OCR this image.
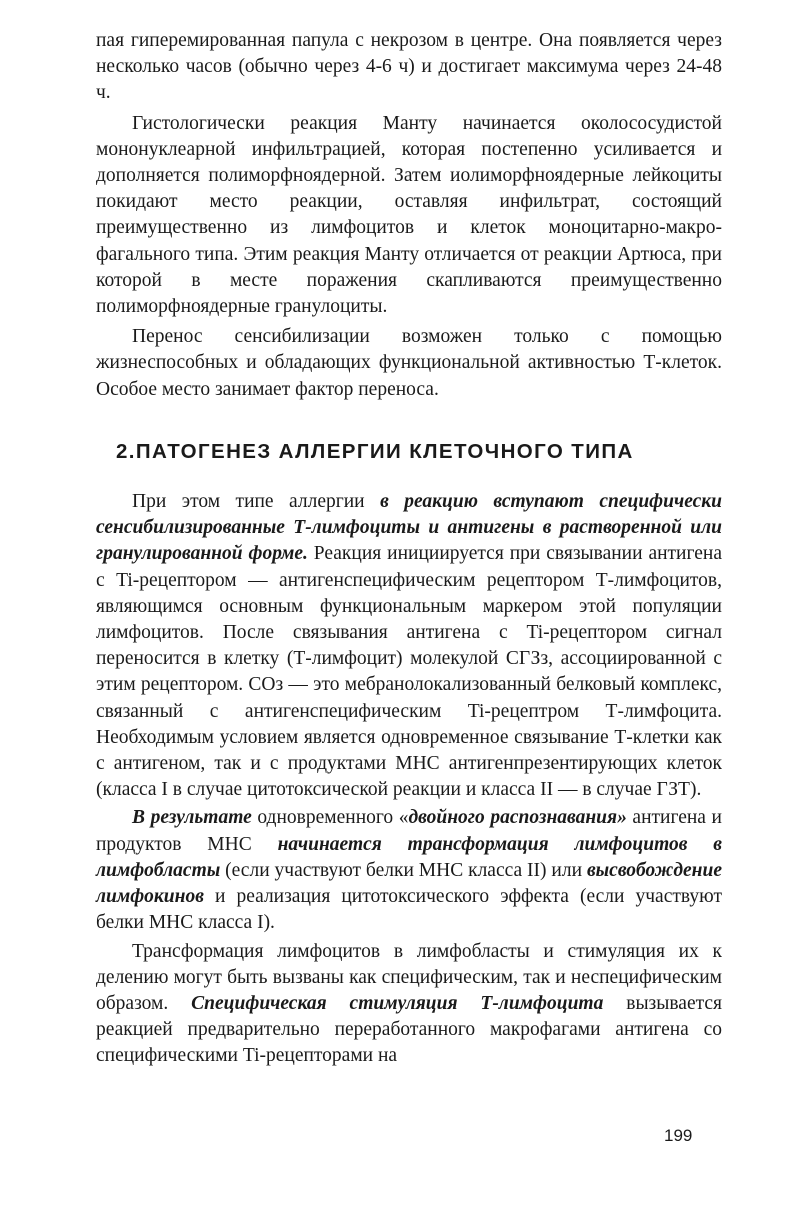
пая гиперемированная папула с некрозом в центре. Она появляется через несколько часов (обычно через 4-6 ч) и достигает максимума через 24-48 ч.

Гистологически реакция Манту начинается околососудистой мононуклеарной инфильтрацией, которая постепенно усиливается и дополняется полиморфноядерной. Затем иолиморфноядерные лейкоциты покидают место реакции, оставляя инфильтрат, состоящий преимущественно из лимфоцитов и клеток моноцитарно-макро-фагального типа. Этим реакция Манту отличается от реакции Артюса, при которой в месте поражения скапливаются преимущественно полиморфноядерные гранулоциты.

Перенос сенсибилизации возможен только с помощью жизнеспособных и обладающих функциональной активностью Т-клеток. Особое место занимает фактор переноса.

2.ПАТОГЕНЕЗ АЛЛЕРГИИ КЛЕТОЧНОГО ТИПА

При этом типе аллергии в реакцию вступают специфически сенсибилизированные Т-лимфоциты и антигены в растворенной или гранулированной форме. Реакция инициируется при связывании антигена с Ti-рецептором — антигенспецифическим рецептором Т-лимфоцитов, являющимся основным функциональным маркером этой популяции лимфоцитов. После связывания антигена с Ti-рецептором сигнал переносится в клетку (Т-лимфоцит) молекулой СГЗз, ассоциированной с этим рецептором. СОз — это мебранолокализованный белковый комплекс, связанный с антигенспецифическим Ti-рецептром Т-лимфоцита. Необходимым условием является одновременное связывание Т-клетки как с антигеном, так и с продуктами МНС антигенпрезентирующих клеток (класса I в случае цитотоксической реакции и класса II — в случае ГЗТ).

В результате одновременного «двойного распознавания» антигена и продуктов МНС начинается трансформация лимфоцитов в лимфобласты (если участвуют белки МНС класса II) или высвобождение лимфокинов и реализация цитотоксического эффекта (если участвуют белки МНС класса I).

Трансформация лимфоцитов в лимфобласты и стимуляция их к делению могут быть вызваны как специфическим, так и неспецифическим образом. Специфическая стимуляция Т-лимфоцита вызывается реакцией предварительно переработанного макрофагами антигена со специфическими Ti-рецепторами на

199
